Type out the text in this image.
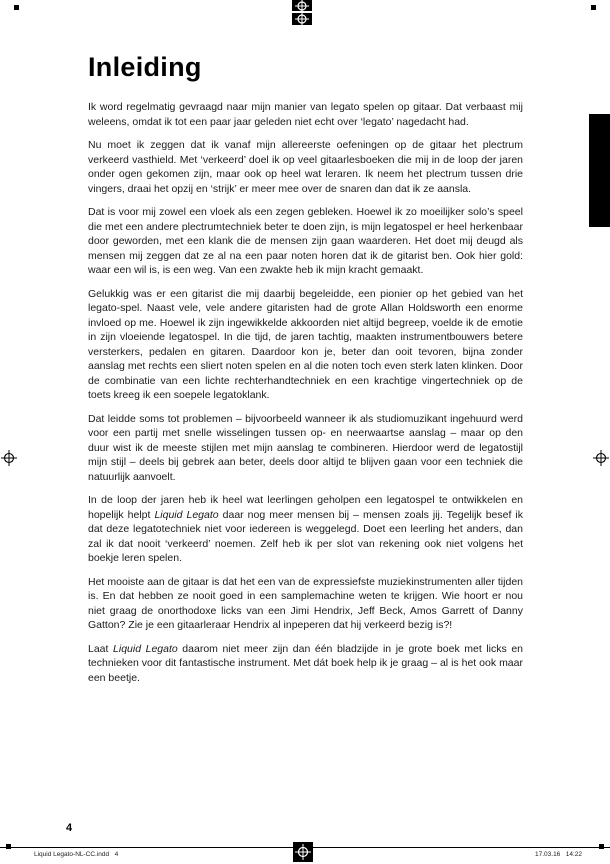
Inleiding

Ik word regelmatig gevraagd naar mijn manier van legato spelen op gitaar. Dat verbaast mij weleens, omdat ik tot een paar jaar geleden niet echt over ‘legato’ nagedacht had.

Nu moet ik zeggen dat ik vanaf mijn allereerste oefeningen op de gitaar het plectrum verkeerd vasthield. Met ‘verkeerd’ doel ik op veel gitaarlesboeken die mij in de loop der jaren onder ogen gekomen zijn, maar ook op heel wat leraren. Ik neem het plectrum tussen drie vingers, draai het opzij en ‘strijk’ er meer mee over de snaren dan dat ik ze aansla.

Dat is voor mij zowel een vloek als een zegen gebleken. Hoewel ik zo moeilijker solo’s speel die met een andere plectrumtechniek beter te doen zijn, is mijn legatospel er heel herkenbaar door geworden, met een klank die de mensen zijn gaan waarderen. Het doet mij deugd als mensen mij zeggen dat ze al na een paar noten horen dat ik de gitarist ben. Ook hier gold: waar een wil is, is een weg. Van een zwakte heb ik mijn kracht gemaakt.

Gelukkig was er een gitarist die mij daarbij begeleidde, een pionier op het gebied van het legato-spel. Naast vele, vele andere gitaristen had de grote Allan Holdsworth een enorme invloed op me. Hoewel ik zijn ingewikkelde akkoorden niet altijd begreep, voelde ik de emotie in zijn vloeiende legatospel. In die tijd, de jaren tachtig, maakten instrumentbouwers betere versterkers, pedalen en gitaren. Daardoor kon je, beter dan ooit tevoren, bijna zonder aanslag met rechts een sliert noten spelen en al die noten toch even sterk laten klinken. Door de combinatie van een lichte rechterhandtechniek en een krachtige vingertechniek op de toets kreeg ik een soepele legatoklank.

Dat leidde soms tot problemen – bijvoorbeeld wanneer ik als studiomuzikant ingehuurd werd voor een partij met snelle wisselingen tussen op- en neerwaartse aanslag – maar op den duur wist ik de meeste stijlen met mijn aanslag te combineren. Hierdoor werd de legatostijl mijn stijl – deels bij gebrek aan beter, deels door altijd te blijven gaan voor een techniek die natuurlijk aanvoelt.

In de loop der jaren heb ik heel wat leerlingen geholpen een legatospel te ontwikkelen en hopelijk helpt Liquid Legato daar nog meer mensen bij – mensen zoals jij. Tegelijk besef ik dat deze legatotechniek niet voor iedereen is weggelegd. Doet een leerling het anders, dan zal ik dat nooit ‘verkeerd’ noemen. Zelf heb ik per slot van rekening ook niet volgens het boekje leren spelen.

Het mooiste aan de gitaar is dat het een van de expressiefste muziekinstrumenten aller tijden is. En dat hebben ze nooit goed in een samplemachine weten te krijgen. Wie hoort er nou niet graag de onorthodoxe licks van een Jimi Hendrix, Jeff Beck, Amos Garrett of Danny Gatton? Zie je een gitaarleraar Hendrix al inpeperen dat hij verkeerd bezig is?!

Laat Liquid Legato daarom niet meer zijn dan één bladzijde in je grote boek met licks en technieken voor dit fantastische instrument. Met dát boek help ik je graag – al is het ook maar een beetje.

4
Liquid Legato-NL-CC.indd   4	17.03.16   14:22
